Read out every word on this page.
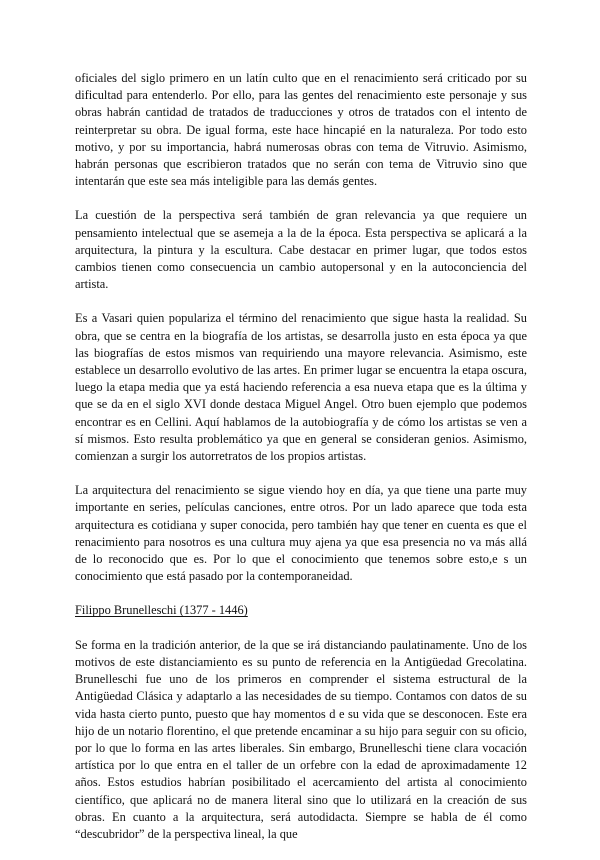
oficiales del siglo primero en un latín culto que en el renacimiento será criticado por su dificultad para entenderlo. Por ello, para las gentes del renacimiento este personaje y sus obras habrán cantidad de tratados de traducciones y otros de tratados con el intento de reinterpretar su obra. De igual forma, este hace hincapié en la naturaleza. Por todo esto motivo, y por su importancia, habrá numerosas obras con tema de Vitruvio. Asimismo, habrán personas que escribieron tratados que no serán con tema de Vitruvio sino que intentarán que este sea más inteligible para las demás gentes.

La cuestión de la perspectiva será también de gran relevancia ya que requiere un pensamiento intelectual que se asemeja a la de la época. Esta perspectiva se aplicará a la arquitectura, la pintura y la escultura. Cabe destacar en primer lugar, que todos estos cambios tienen como consecuencia un cambio autopersonal y en la autoconciencia del artista.

Es a Vasari quien populariza el término del renacimiento que sigue hasta la realidad. Su obra, que se centra en la biografía de los artistas, se desarrolla justo en esta época ya que las biografías de estos mismos van requiriendo una mayore relevancia. Asimismo, este establece un desarrollo evolutivo de las artes. En primer lugar se encuentra la etapa oscura, luego la etapa media que ya está haciendo referencia a esa nueva etapa que es la última y que se da en el siglo XVI donde destaca Miguel Angel. Otro buen ejemplo que podemos encontrar es en Cellini. Aquí hablamos de la autobiografía y de cómo los artistas se ven a sí mismos. Esto resulta problemático ya que en general se consideran genios. Asimismo, comienzan a surgir los autorretratos de los propios artistas.

La arquitectura del renacimiento se sigue viendo hoy en día, ya que tiene una parte muy importante en series, películas canciones, entre otros. Por un lado aparece que toda esta arquitectura es cotidiana y super conocida, pero también hay que tener en cuenta es que el renacimiento para nosotros es una cultura muy ajena ya que esa presencia no va más allá de lo reconocido que es. Por lo que el conocimiento que tenemos sobre esto,e s un conocimiento que está pasado por la contemporaneidad.

Filippo Brunelleschi (1377 - 1446)

Se forma en la tradición anterior, de la que se irá distanciando paulatinamente. Uno de los motivos de este distanciamiento es su punto de referencia en la Antigüedad Grecolatina. Brunelleschi fue uno de los primeros en comprender el sistema estructural de la Antigüedad Clásica y adaptarlo a las necesidades de su tiempo. Contamos con datos de su vida hasta cierto punto, puesto que hay momentos d e su vida que se desconocen. Este era hijo de un notario florentino, el que pretende encaminar a su hijo para seguir con su oficio, por lo que lo forma en las artes liberales. Sin embargo, Brunelleschi tiene clara vocación artística por lo que entra en el taller de un orfebre con la edad de aproximadamente 12 años. Estos estudios habrían posibilitado el acercamiento del artista al conocimiento científico, que aplicará no de manera literal sino que lo utilizará en la creación de sus obras. En cuanto a la arquitectura, será autodidacta. Siempre se habla de él como “descubridor” de la perspectiva lineal, la que
